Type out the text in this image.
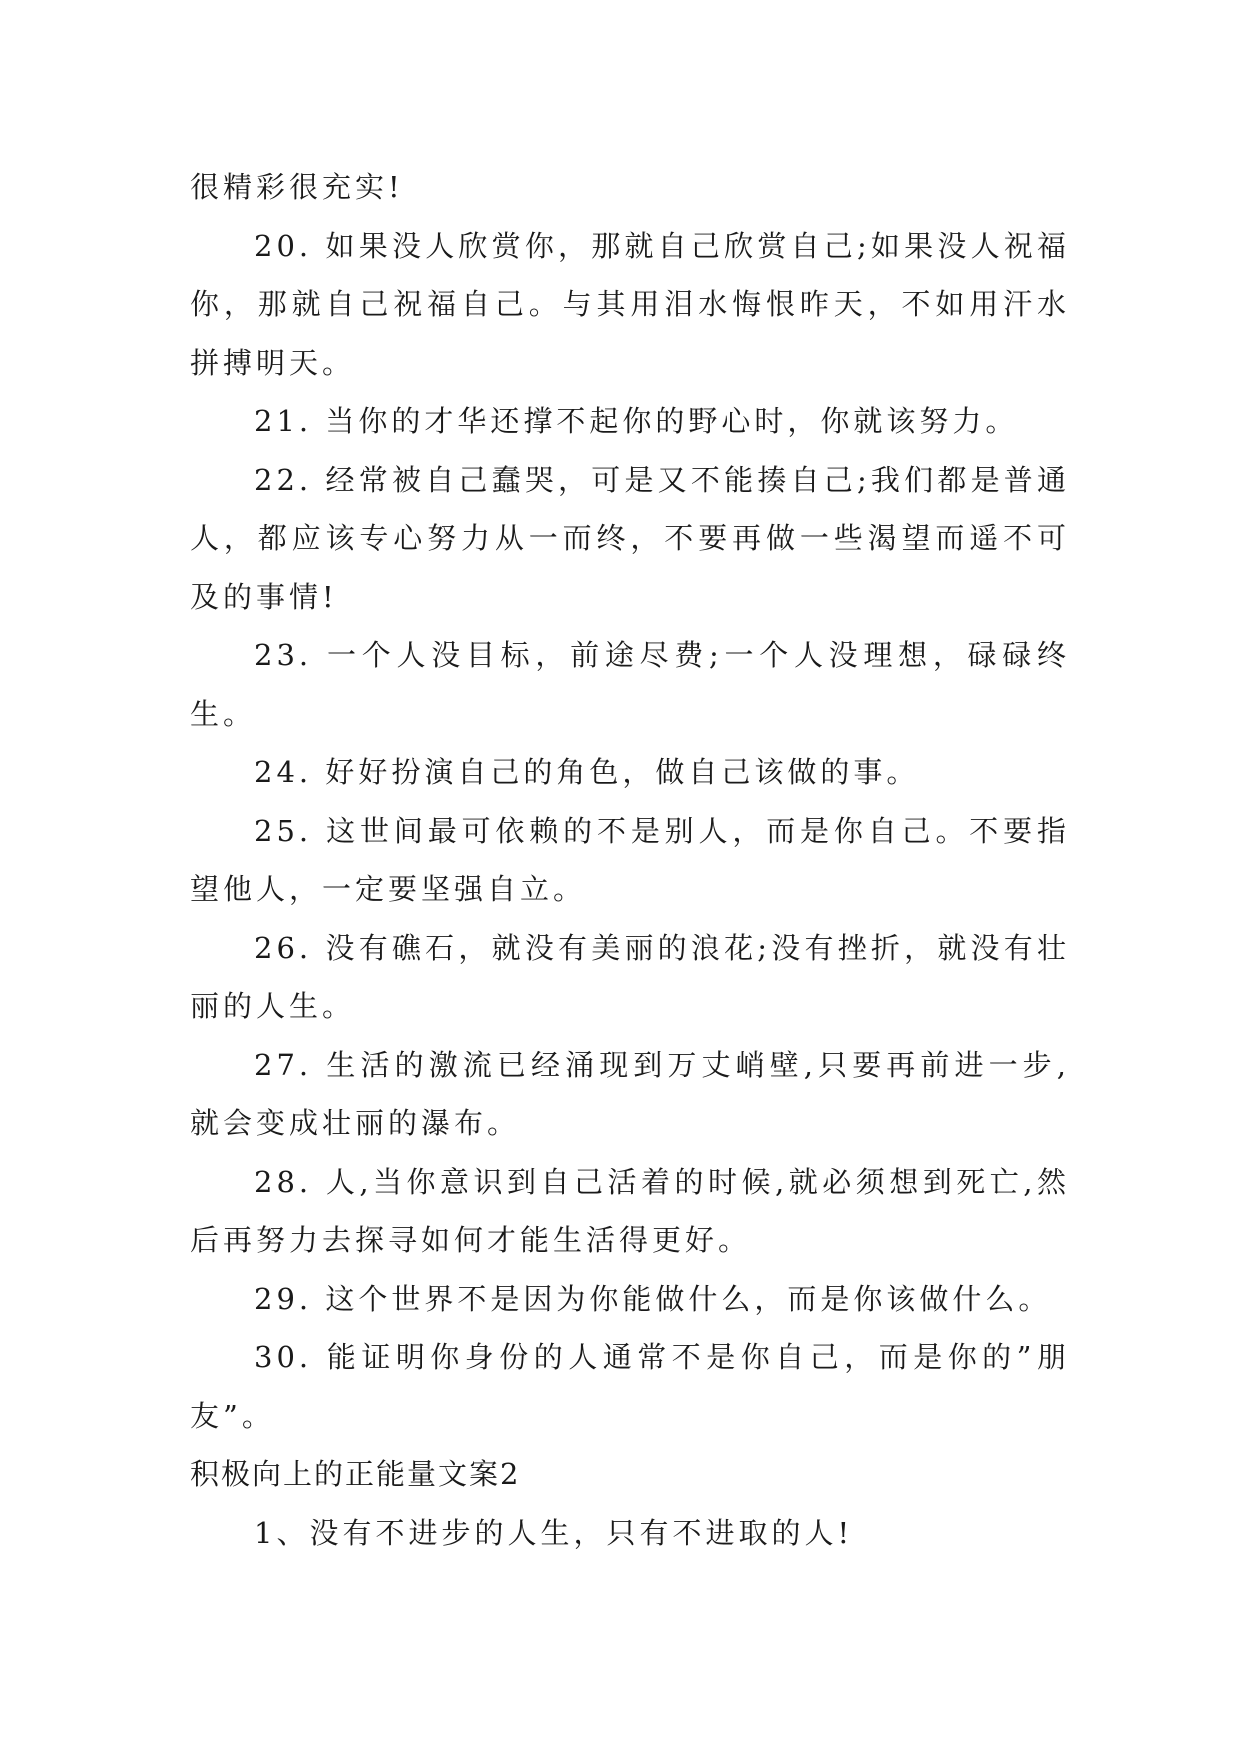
很精彩很充实!

20. 如果没人欣赏你，那就自己欣赏自己;如果没人祝福你，那就自己祝福自己。与其用泪水悔恨昨天，不如用汗水拼搏明天。

21. 当你的才华还撑不起你的野心时，你就该努力。

22. 经常被自己蠢哭，可是又不能揍自己;我们都是普通人，都应该专心努力从一而终，不要再做一些渴望而遥不可及的事情!

23. 一个人没目标，前途尽费;一个人没理想，碌碌终生。

24. 好好扮演自己的角色，做自己该做的事。

25. 这世间最可依赖的不是别人，而是你自己。不要指望他人，一定要坚强自立。

26. 没有礁石，就没有美丽的浪花;没有挫折，就没有壮丽的人生。

27. 生活的激流已经涌现到万丈峭壁,只要再前进一步,就会变成壮丽的瀑布。

28. 人,当你意识到自己活着的时候,就必须想到死亡,然后再努力去探寻如何才能生活得更好。

29. 这个世界不是因为你能做什么，而是你该做什么。

30. 能证明你身份的人通常不是你自己，而是你的”朋友”。

积极向上的正能量文案2

1、没有不进步的人生，只有不进取的人!
